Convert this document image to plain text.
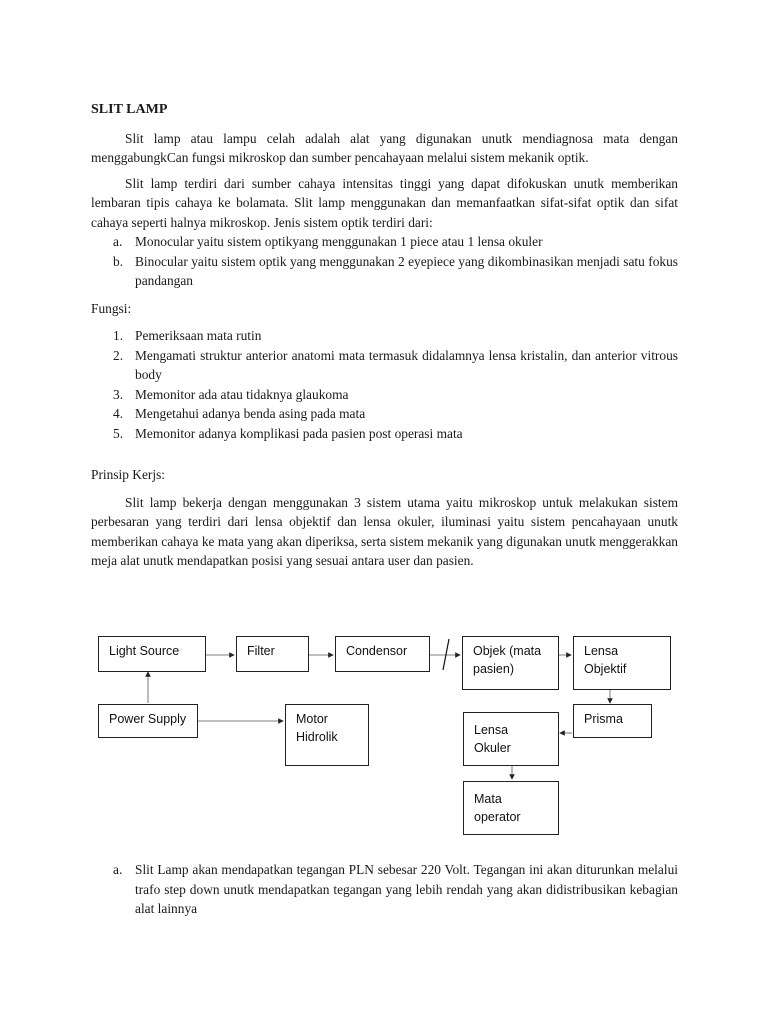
SLIT LAMP

Slit lamp atau lampu celah adalah alat yang digunakan unutk mendiagnosa mata dengan menggabungkCan fungsi mikroskop dan sumber pencahayaan melalui sistem mekanik optik.

Slit lamp terdiri dari sumber cahaya intensitas tinggi yang dapat difokuskan unutk memberikan lembaran tipis cahaya ke bolamata. Slit lamp menggunakan dan memanfaatkan sifat-sifat optik dan sifat cahaya seperti halnya mikroskop. Jenis sistem optik terdiri dari:

a. Monocular yaitu sistem optikyang menggunakan 1 piece atau 1 lensa okuler
b. Binocular yaitu sistem optik yang menggunakan 2 eyepiece yang dikombinasikan menjadi satu fokus pandangan

Fungsi:

1. Pemeriksaan mata rutin
2. Mengamati struktur anterior anatomi mata termasuk didalamnya lensa kristalin, dan anterior vitrous body
3. Memonitor ada atau tidaknya glaukoma
4. Mengetahui adanya benda asing pada mata
5. Memonitor adanya komplikasi pada pasien post operasi mata

Prinsip Kerjs:

Slit lamp bekerja dengan menggunakan 3 sistem utama yaitu mikroskop untuk melakukan sistem perbesaran yang terdiri dari lensa objektif dan lensa okuler, iluminasi yaitu sistem pencahayaan unutk memberikan cahaya ke mata yang akan diperiksa, serta sistem mekanik yang digunakan unutk menggerakkan meja alat unutk mendapatkan posisi yang sesuai antara user dan pasien.

Light Source	Filter	Condensor	Objek (mata pasien)
Lensa Objektif
Power Supply	Motor Hidrolik
Prisma
Lensa Okuler
Mata operator
a. Slit Lamp akan mendapatkan tegangan PLN sebesar 220 Volt. Tegangan ini akan diturunkan melalui trafo step down unutk mendapatkan tegangan yang lebih rendah yang akan didistribusikan kebagian alat lainnya
